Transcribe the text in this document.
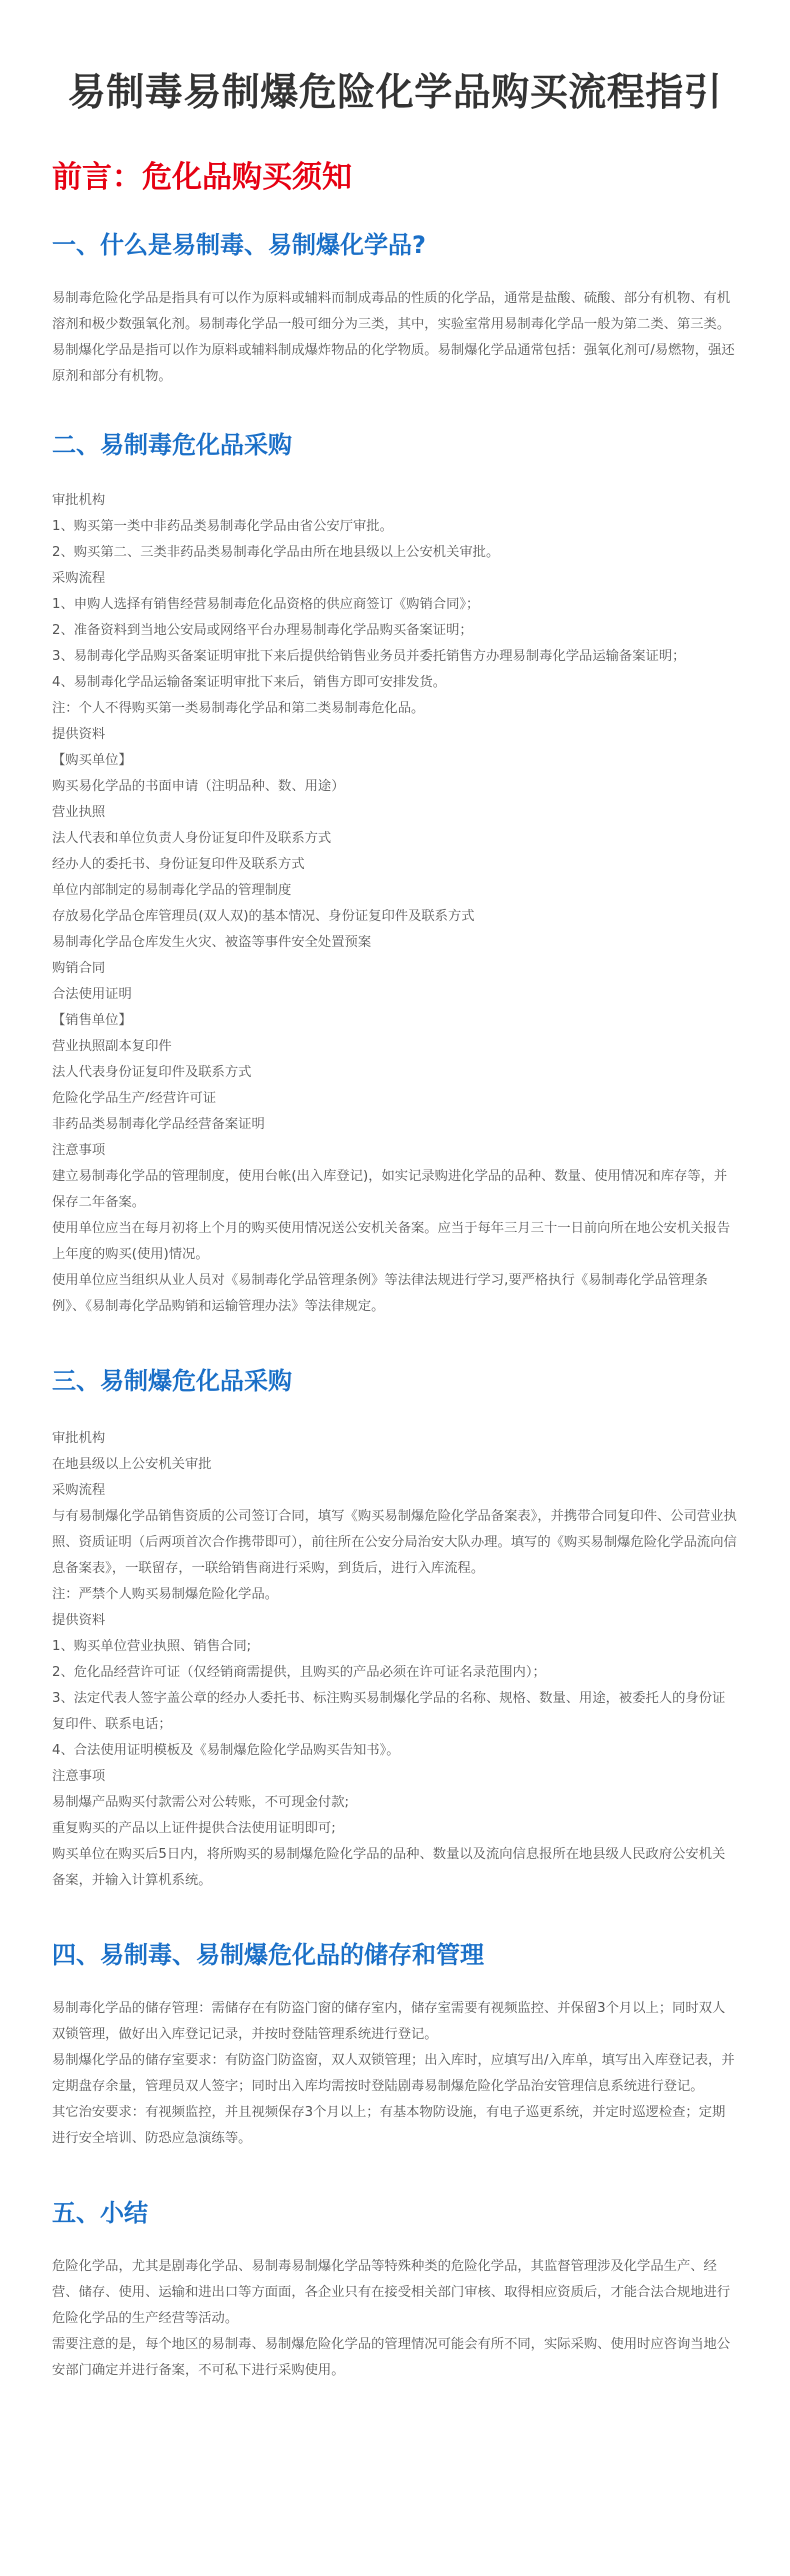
易制毒易制爆危险化学品购买流程指引
前言：危化品购买须知
一、什么是易制毒、易制爆化学品?

易制毒危险化学品是指具有可以作为原料或辅料而制成毒品的性质的化学品，通常是盐酸、硫酸、部分有机物、有机溶剂和极少数强氧化剂。易制毒化学品一般可细分为三类，其中，实验室常用易制毒化学品一般为第二类、第三类。

易制爆化学品是指可以作为原料或辅料制成爆炸物品的化学物质。易制爆化学品通常包括：强氧化剂可/易燃物，强还原剂和部分有机物。

二、易制毒危化品采购

审批机构

1、购买第一类中非药品类易制毒化学品由省公安厅审批。

2、购买第二、三类非药品类易制毒化学品由所在地县级以上公安机关审批。

采购流程

1、申购人选择有销售经营易制毒危化品资格的供应商签订《购销合同》；

2、准备资料到当地公安局或网络平台办理易制毒化学品购买备案证明；

3、易制毒化学品购买备案证明审批下来后提供给销售业务员并委托销售方办理易制毒化学品运输备案证明；

4、易制毒化学品运输备案证明审批下来后，销售方即可安排发货。

注：个人不得购买第一类易制毒化学品和第二类易制毒危化品。

提供资料

【购买单位】

购买易化学品的书面申请（注明品种、数、用途）

营业执照

法人代表和单位负责人身份证复印件及联系方式

经办人的委托书、身份证复印件及联系方式

单位内部制定的易制毒化学品的管理制度

存放易化学品仓库管理员(双人双)的基本情况、身份证复印件及联系方式

易制毒化学品仓库发生火灾、被盗等事件安全处置预案

购销合同

合法使用证明

【销售单位】

营业执照副本复印件

法人代表身份证复印件及联系方式

危险化学品生产/经营许可证

非药品类易制毒化学品经营备案证明

注意事项

建立易制毒化学品的管理制度，使用台帐(出入库登记)，如实记录购进化学品的品种、数量、使用情况和库存等，并保存二年备案。

使用单位应当在每月初将上个月的购买使用情况送公安机关备案。应当于每年三月三十一日前向所在地公安机关报告上年度的购买(使用)情况。

使用单位应当组织从业人员对《易制毒化学品管理条例》等法律法规进行学习,要严格执行《易制毒化学品管理条例》、《易制毒化学品购销和运输管理办法》等法律规定。

三、易制爆危化品采购

审批机构

在地县级以上公安机关审批

采购流程

与有易制爆化学品销售资质的公司签订合同，填写《购买易制爆危险化学品备案表》，并携带合同复印件、公司营业执照、资质证明（后两项首次合作携带即可），前往所在公安分局治安大队办理。填写的《购买易制爆危险化学品流向信息备案表》，一联留存，一联给销售商进行采购，到货后，进行入库流程。

注：严禁个人购买易制爆危险化学品。

提供资料

1、购买单位营业执照、销售合同;

2、危化品经营许可证（仅经销商需提供，且购买的产品必须在许可证名录范围内）；

3、法定代表人签字盖公章的经办人委托书、标注购买易制爆化学品的名称、规格、数量、用途，被委托人的身份证复印件、联系电话；

4、合法使用证明模板及《易制爆危险化学品购买告知书》。

注意事项

易制爆产品购买付款需公对公转账，不可现金付款;

重复购买的产品以上证件提供合法使用证明即可;

购买单位在购买后5日内，将所购买的易制爆危险化学品的品种、数量以及流向信息报所在地县级人民政府公安机关备案，并输入计算机系统。

四、易制毒、易制爆危化品的储存和管理

易制毒化学品的储存管理：需储存在有防盗门窗的储存室内，储存室需要有视频监控、并保留3个月以上；同时双人双锁管理，做好出入库登记记录，并按时登陆管理系统进行登记。

易制爆化学品的储存室要求：有防盗门防盗窗，双人双锁管理；出入库时，应填写出/入库单，填写出入库登记表，并定期盘存余量，管理员双人签字；同时出入库均需按时登陆剧毒易制爆危险化学品治安管理信息系统进行登记。

其它治安要求：有视频监控，并且视频保存3个月以上；有基本物防设施，有电子巡更系统，并定时巡逻检查；定期进行安全培训、防恐应急演练等。

五、小结

危险化学品，尤其是剧毒化学品、易制毒易制爆化学品等特殊种类的危险化学品，其监督管理涉及化学品生产、经营、储存、使用、运输和进出口等方面面，各企业只有在接受相关部门审核、取得相应资质后，才能合法合规地进行危险化学品的生产经营等活动。

需要注意的是，每个地区的易制毒、易制爆危险化学品的管理情况可能会有所不同，实际采购、使用时应咨询当地公安部门确定并进行备案，不可私下进行采购使用。
